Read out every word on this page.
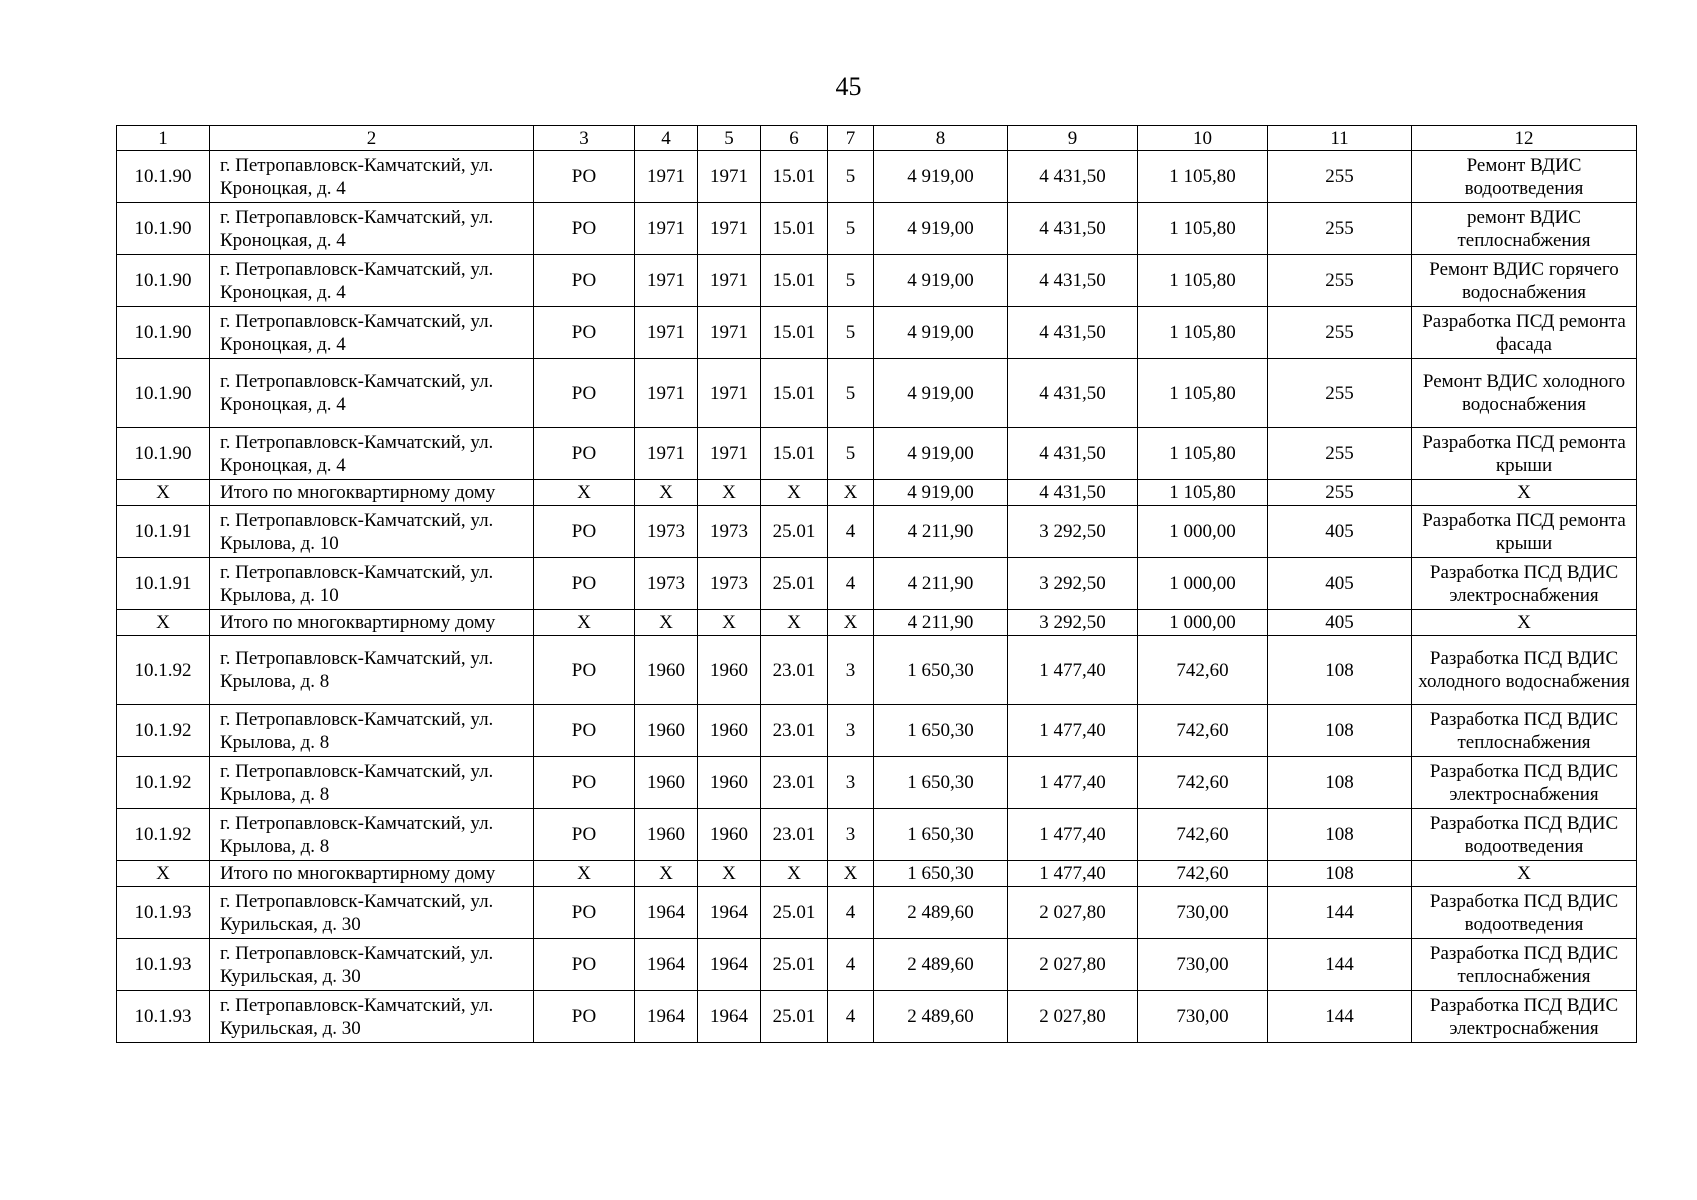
45
1	2	3	4	5	6	7	8	9	10	11	12
10.1.90	г. Петропавловск-Камчатский, ул. Кроноцкая, д. 4	РО	1971	1971	15.01	5	4 919,00	4 431,50	1 105,80	255	Ремонт ВДИС водоотведения
10.1.90	г. Петропавловск-Камчатский, ул. Кроноцкая, д. 4	РО	1971	1971	15.01	5	4 919,00	4 431,50	1 105,80	255	ремонт ВДИС теплоснабжения
10.1.90	г. Петропавловск-Камчатский, ул. Кроноцкая, д. 4	РО	1971	1971	15.01	5	4 919,00	4 431,50	1 105,80	255	Ремонт ВДИС горячего водоснабжения
10.1.90	г. Петропавловск-Камчатский, ул. Кроноцкая, д. 4	РО	1971	1971	15.01	5	4 919,00	4 431,50	1 105,80	255	Разработка ПСД ремонта фасада
10.1.90	г. Петропавловск-Камчатский, ул. Кроноцкая, д. 4	РО	1971	1971	15.01	5	4 919,00	4 431,50	1 105,80	255	Ремонт ВДИС холодного водоснабжения
10.1.90	г. Петропавловск-Камчатский, ул. Кроноцкая, д. 4	РО	1971	1971	15.01	5	4 919,00	4 431,50	1 105,80	255	Разработка ПСД ремонта крыши
Х	Итого по многоквартирному дому	Х	Х	Х	Х	Х	4 919,00	4 431,50	1 105,80	255	Х
10.1.91	г. Петропавловск-Камчатский, ул. Крылова, д. 10	РО	1973	1973	25.01	4	4 211,90	3 292,50	1 000,00	405	Разработка ПСД ремонта крыши
10.1.91	г. Петропавловск-Камчатский, ул. Крылова, д. 10	РО	1973	1973	25.01	4	4 211,90	3 292,50	1 000,00	405	Разработка ПСД ВДИС электроснабжения
Х	Итого по многоквартирному дому	Х	Х	Х	Х	Х	4 211,90	3 292,50	1 000,00	405	Х
10.1.92	г. Петропавловск-Камчатский, ул. Крылова, д. 8	РО	1960	1960	23.01	3	1 650,30	1 477,40	742,60	108	Разработка ПСД ВДИС холодного водоснабжения
10.1.92	г. Петропавловск-Камчатский, ул. Крылова, д. 8	РО	1960	1960	23.01	3	1 650,30	1 477,40	742,60	108	Разработка ПСД ВДИС теплоснабжения
10.1.92	г. Петропавловск-Камчатский, ул. Крылова, д. 8	РО	1960	1960	23.01	3	1 650,30	1 477,40	742,60	108	Разработка ПСД ВДИС электроснабжения
10.1.92	г. Петропавловск-Камчатский, ул. Крылова, д. 8	РО	1960	1960	23.01	3	1 650,30	1 477,40	742,60	108	Разработка ПСД ВДИС водоотведения
Х	Итого по многоквартирному дому	Х	Х	Х	Х	Х	1 650,30	1 477,40	742,60	108	Х
10.1.93	г. Петропавловск-Камчатский, ул. Курильская, д. 30	РО	1964	1964	25.01	4	2 489,60	2 027,80	730,00	144	Разработка ПСД ВДИС водоотведения
10.1.93	г. Петропавловск-Камчатский, ул. Курильская, д. 30	РО	1964	1964	25.01	4	2 489,60	2 027,80	730,00	144	Разработка ПСД ВДИС теплоснабжения
10.1.93	г. Петропавловск-Камчатский, ул. Курильская, д. 30	РО	1964	1964	25.01	4	2 489,60	2 027,80	730,00	144	Разработка ПСД ВДИС электроснабжения
